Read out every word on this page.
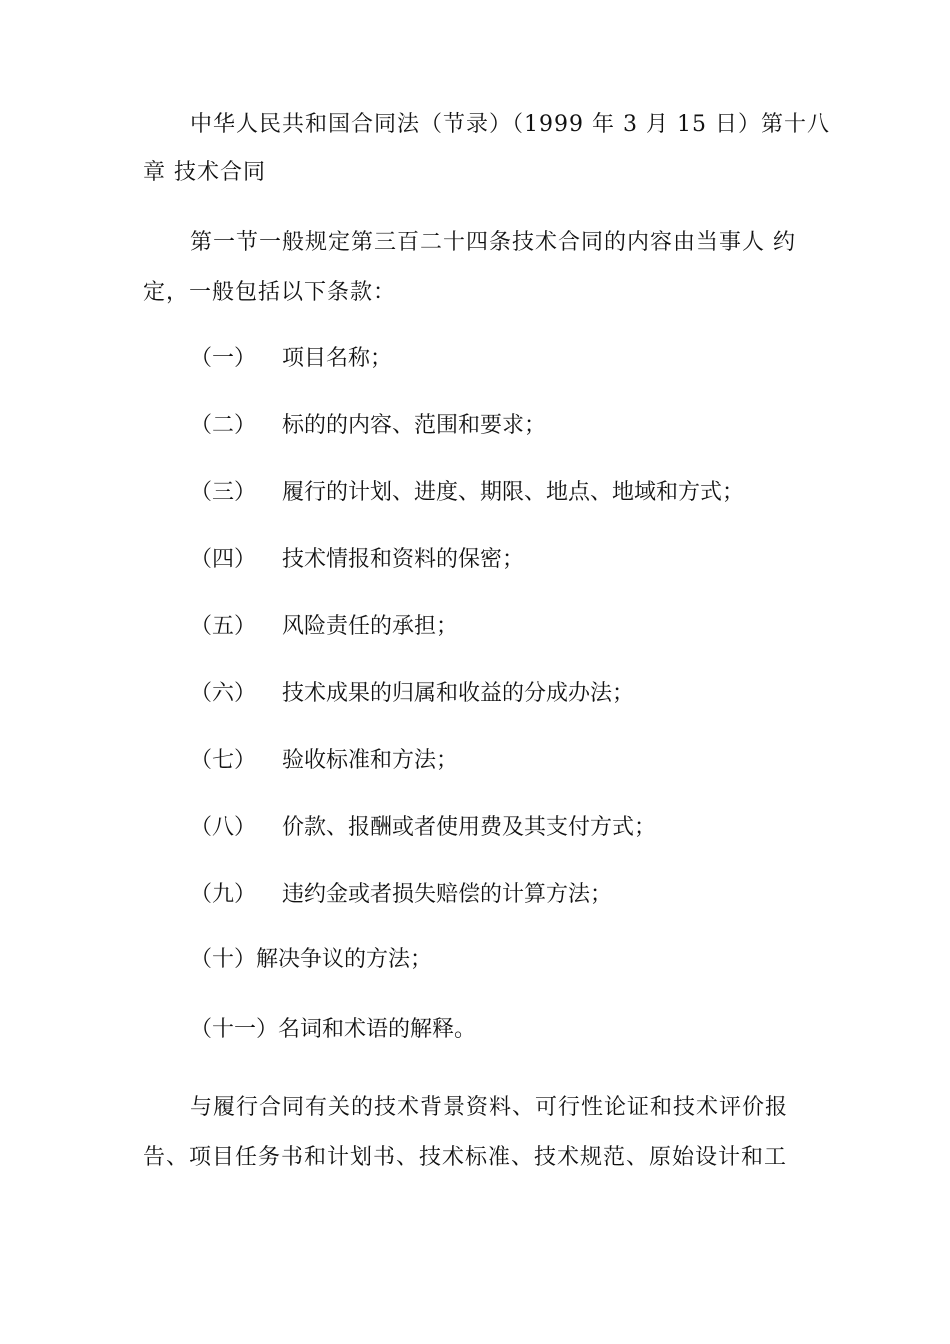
中华人民共和国合同法（节录）（1999 年 3 月 15 日）第十八
章 技术合同
第一节一般规定第三百二十四条技术合同的内容由当事人 约
定，一般包括以下条款：
（一） 项目名称；
（二） 标的的内容、范围和要求；
（三） 履行的计划、进度、期限、地点、地域和方式；
（四） 技术情报和资料的保密；
（五） 风险责任的承担；
（六） 技术成果的归属和收益的分成办法；
（七） 验收标准和方法；
（八） 价款、报酬或者使用费及其支付方式；
（九） 违约金或者损失赔偿的计算方法；
（十）解决争议的方法；
（十一）名词和术语的解释。
与履行合同有关的技术背景资料、可行性论证和技术评价报
告、项目任务书和计划书、技术标准、技术规范、原始设计和工
